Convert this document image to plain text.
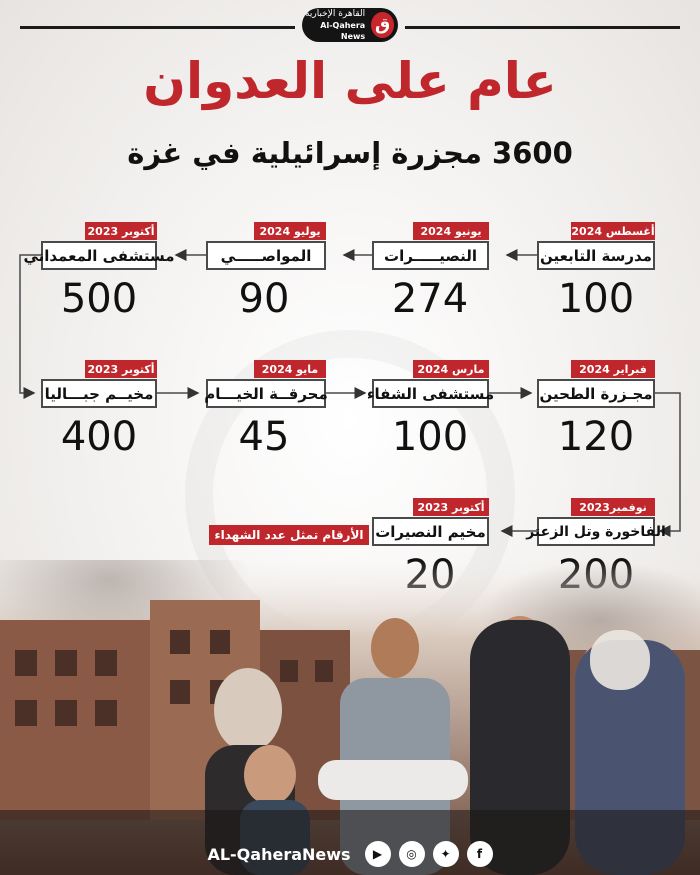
القاهرة الإخبارية
Al-Qahera News
ق
عام على العدوان
3600 مجزرة إسرائيلية في غزة
أغسطس 2024
مدرسة التابعين
100
يونيو 2024
النصيـــــرات
274
يوليو 2024
المواصـــــي
90
أكتوبر 2023
مستشفى المعمداني
500
أكتوبر 2023
مخيــم جبـــاليا
400
مايو 2024
محرقــة الخيـــام
45
مارس 2024
مستشفى الشفاء
100
فبراير 2024
مجـزرة الطحين
120
نوفمبر2023
الفاخورة وتل الزعتر
أكتوبر 2023
مخيم النصيرات
الأرقام تمثل عدد الشهداء
AL-QaheraNews	▶	◎	✦	f
